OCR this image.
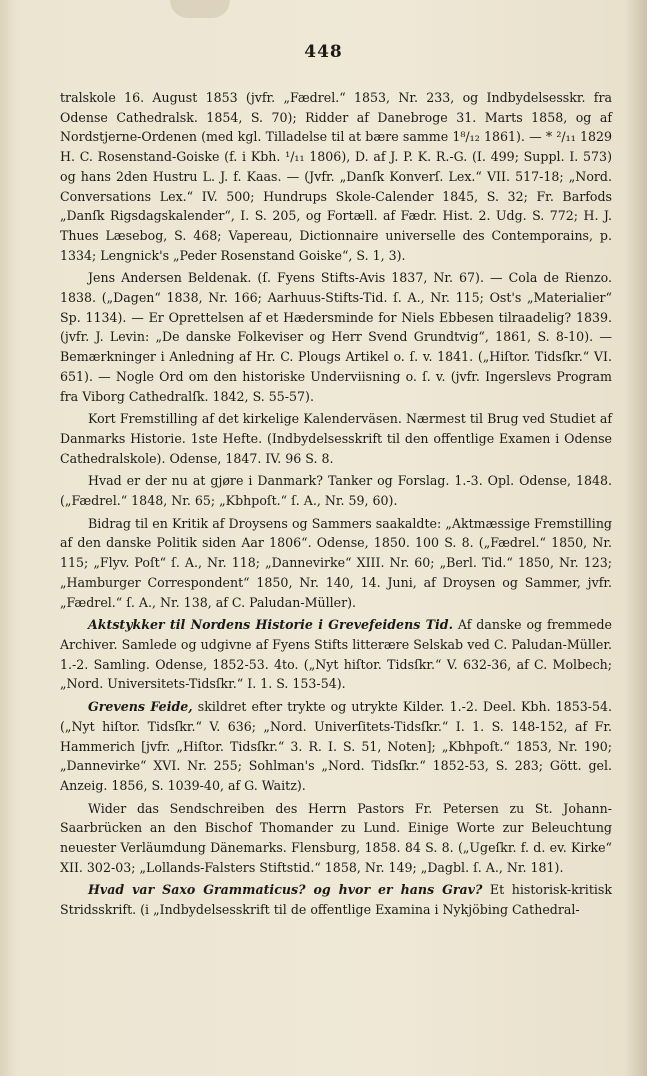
448

tralskole 16. August 1853 (jvfr. „Fædrel.“ 1853, Nr. 233, og Indbydelsesskr. fra Odense Cathedralsk. 1854, S. 70); Ridder af Danebroge 31. Marts 1858, og af Nordstjerne-Ordenen (med kgl. Tilladelse til at bære samme 1⁸/₁₂ 1861). — * ²/₁₁ 1829 H. C. Rosenstand-Goiske (f. i Kbh. ¹/₁₁ 1806), D. af J. P. K. R.-G. (I. 499; Suppl. I. 573) og hans 2den Hustru L. J. f. Kaas. — (Jvfr. „Danſk Konverſ. Lex.“ VII. 517-18; „Nord. Conversations Lex.“ IV. 500; Hundrups Skole-Calender 1845, S. 32; Fr. Barfods „Danſk Rigsdagskalender“, I. S. 205, og Fortæll. af Fædr. Hist. 2. Udg. S. 772; H. J. Thues Læsebog, S. 468; Vapereau, Dictionnaire universelle des Contemporains, p. 1334; Lengnick's „Peder Rosenstand Goiske“, S. 1, 3).

Jens Andersen Beldenak. (ſ. Fyens Stifts-Avis 1837, Nr. 67). — Cola de Rienzo. 1838. („Dagen“ 1838, Nr. 166; Aarhuus-Stifts-Tid. ſ. A., Nr. 115; Ost's „Materialier“ Sp. 1134). — Er Oprettelsen af et Hædersminde for Niels Ebbesen tilraadelig? 1839. (jvfr. J. Levin: „De danske Folkeviser og Herr Svend Grundtvig“, 1861, S. 8-10). — Bemærkninger i Anledning af Hr. C. Plougs Artikel o. ſ. v. 1841. („Hiſtor. Tidsſkr.“ VI. 651). — Nogle Ord om den historiske Underviisning o. ſ. v. (jvfr. Ingerslevs Program fra Viborg Cathedralſk. 1842, S. 55-57).

Kort Fremstilling af det kirkelige Kalenderväsen. Nærmest til Brug ved Studiet af Danmarks Historie. 1ste Hefte. (Indbydelsesskrift til den offentlige Examen i Odense Cathedralskole). Odense, 1847. IV. 96 S. 8.

Hvad er der nu at gjøre i Danmark? Tanker og Forslag. 1.-3. Opl. Odense, 1848. („Fædrel.“ 1848, Nr. 65; „Kbhpoſt.“ ſ. A., Nr. 59, 60).

Bidrag til en Kritik af Droysens og Sammers saakaldte: „Aktmæssige Fremstilling af den danske Politik siden Aar 1806“. Odense, 1850. 100 S. 8. („Fædrel.“ 1850, Nr. 115; „Flyv. Poſt“ ſ. A., Nr. 118; „Dannevirke“ XIII. Nr. 60; „Berl. Tid.“ 1850, Nr. 123; „Hamburger Correspondent“ 1850, Nr. 140, 14. Juni, af Droysen og Sammer, jvfr. „Fædrel.“ ſ. A., Nr. 138, af C. Paludan-Müller).

Aktstykker til Nordens Historie i Grevefeidens Tid. Af danske og fremmede Archiver. Samlede og udgivne af Fyens Stifts litterære Selskab ved C. Paludan-Müller. 1.-2. Samling. Odense, 1852-53. 4to. („Nyt hiſtor. Tidsſkr.“ V. 632-36, af C. Molbech; „Nord. Universitets-Tidsſkr.“ I. 1. S. 153-54).

Grevens Feide, skildret efter trykte og utrykte Kilder. 1.-2. Deel. Kbh. 1853-54. („Nyt hiſtor. Tidsſkr.“ V. 636; „Nord. Univerſitets-Tidsſkr.“ I. 1. S. 148-152, af Fr. Hammerich [jvfr. „Hiſtor. Tidsſkr.“ 3. R. I. S. 51, Noten]; „Kbhpoſt.“ 1853, Nr. 190; „Dannevirke“ XVI. Nr. 255; Sohlman's „Nord. Tidsſkr.“ 1852-53, S. 283; Gött. gel. Anzeig. 1856, S. 1039-40, af G. Waitz).

Wider das Sendschreiben des Herrn Pastors Fr. Petersen zu St. Johann-Saarbrücken an den Bischof Thomander zu Lund. Einige Worte zur Beleuchtung neuester Verläumdung Dänemarks. Flensburg, 1858. 84 S. 8. („Ugeſkr. f. d. ev. Kirke“ XII. 302-03; „Lollands-Falsters Stiftstid.“ 1858, Nr. 149; „Dagbl. ſ. A., Nr. 181).

Hvad var Saxo Grammaticus? og hvor er hans Grav? Et historisk-kritisk Stridsskrift. (i „Indbydelsesskrift til de offentlige Examina i Nykjöbing Cathedral-
